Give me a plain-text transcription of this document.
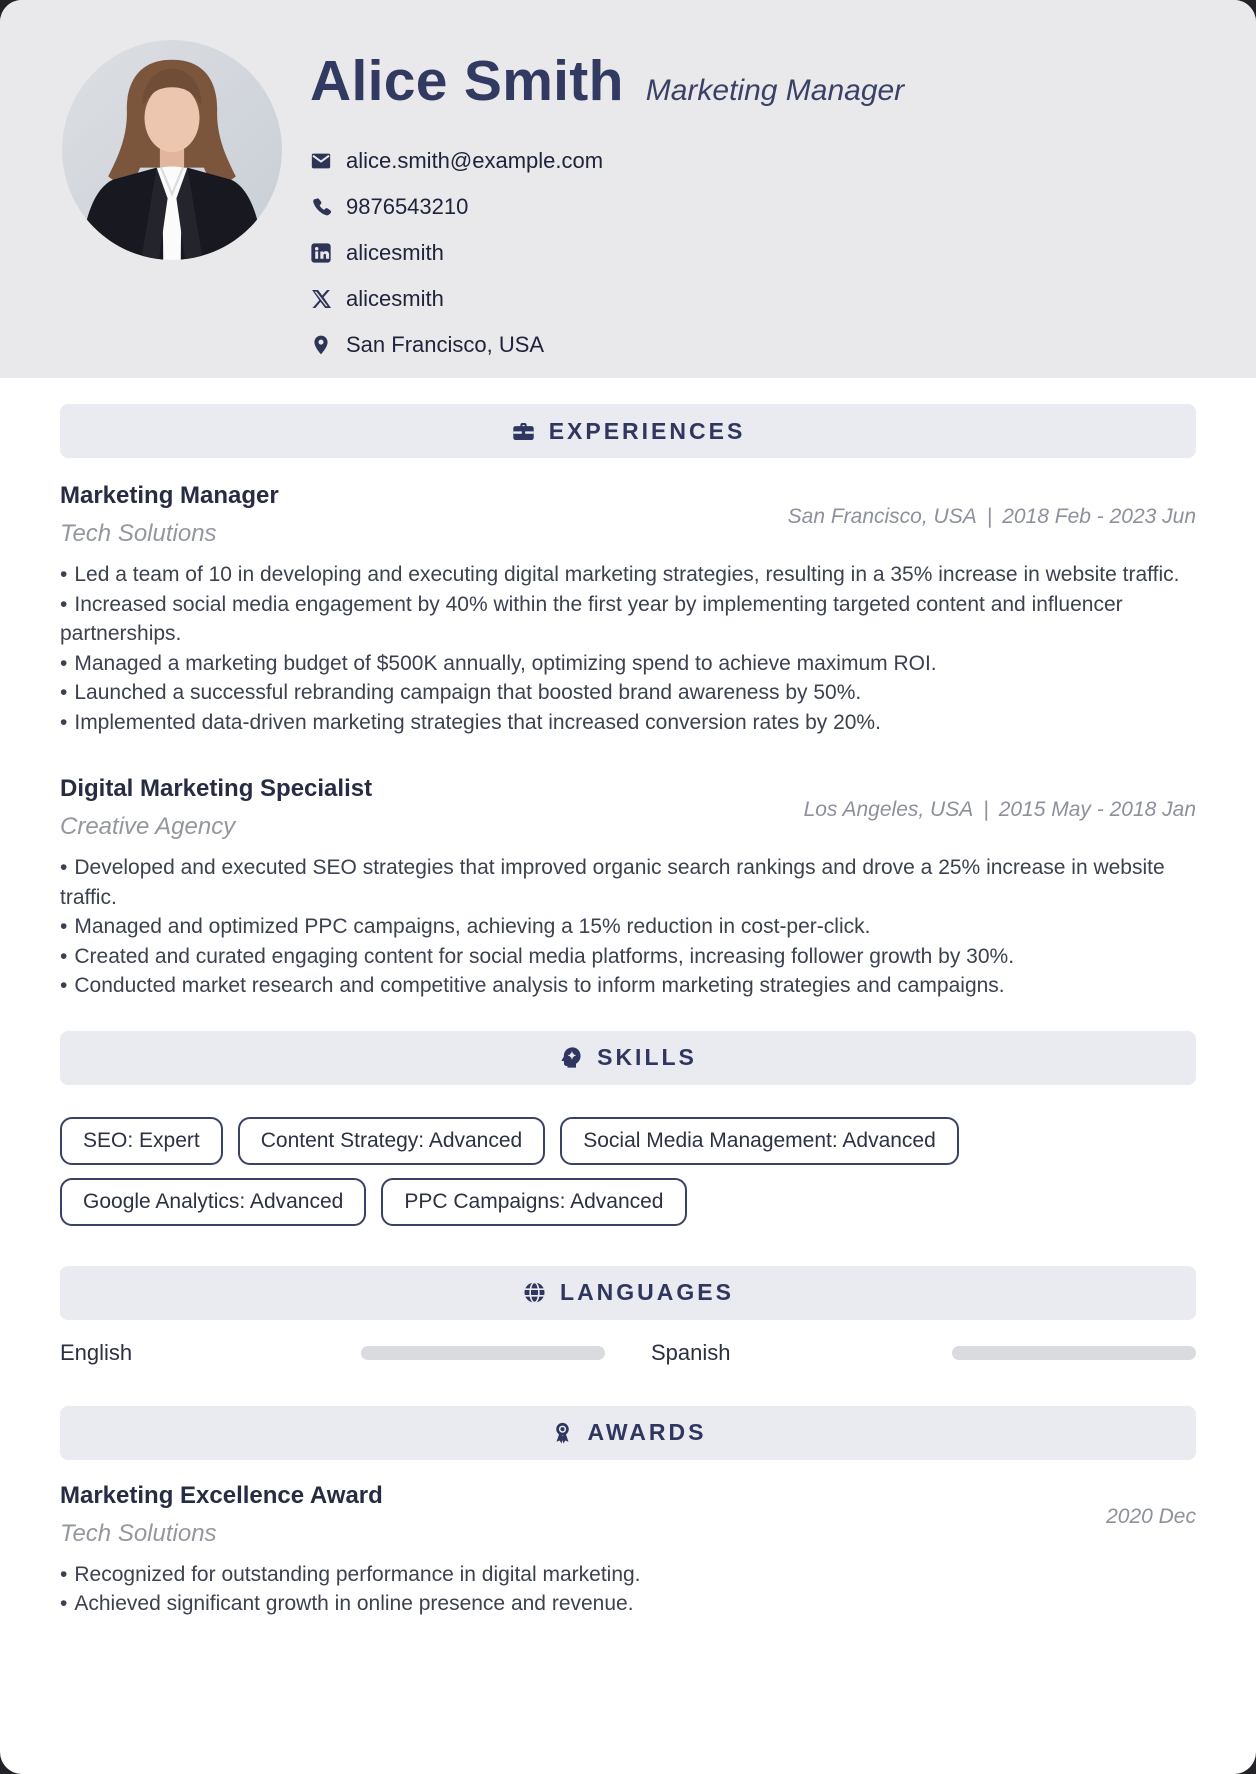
Alice Smith Marketing Manager
alice.smith@example.com
9876543210
alicesmith
alicesmith
San Francisco, USA
EXPERIENCES
Marketing Manager
San Francisco, USA | 2018 Feb - 2023 Jun
Tech Solutions
• Led a team of 10 in developing and executing digital marketing strategies, resulting in a 35% increase in website traffic.
• Increased social media engagement by 40% within the first year by implementing targeted content and influencer partnerships.
• Managed a marketing budget of $500K annually, optimizing spend to achieve maximum ROI.
• Launched a successful rebranding campaign that boosted brand awareness by 50%.
• Implemented data-driven marketing strategies that increased conversion rates by 20%.
Digital Marketing Specialist
Los Angeles, USA | 2015 May - 2018 Jan
Creative Agency
• Developed and executed SEO strategies that improved organic search rankings and drove a 25% increase in website traffic.
• Managed and optimized PPC campaigns, achieving a 15% reduction in cost-per-click.
• Created and curated engaging content for social media platforms, increasing follower growth by 30%.
• Conducted market research and competitive analysis to inform marketing strategies and campaigns.
SKILLS
SEO: Expert	Content Strategy: Advanced	Social Media Management: Advanced
Google Analytics: Advanced	PPC Campaigns: Advanced
LANGUAGES
English	Spanish
AWARDS
Marketing Excellence Award
2020 Dec
Tech Solutions
• Recognized for outstanding performance in digital marketing.
• Achieved significant growth in online presence and revenue.
